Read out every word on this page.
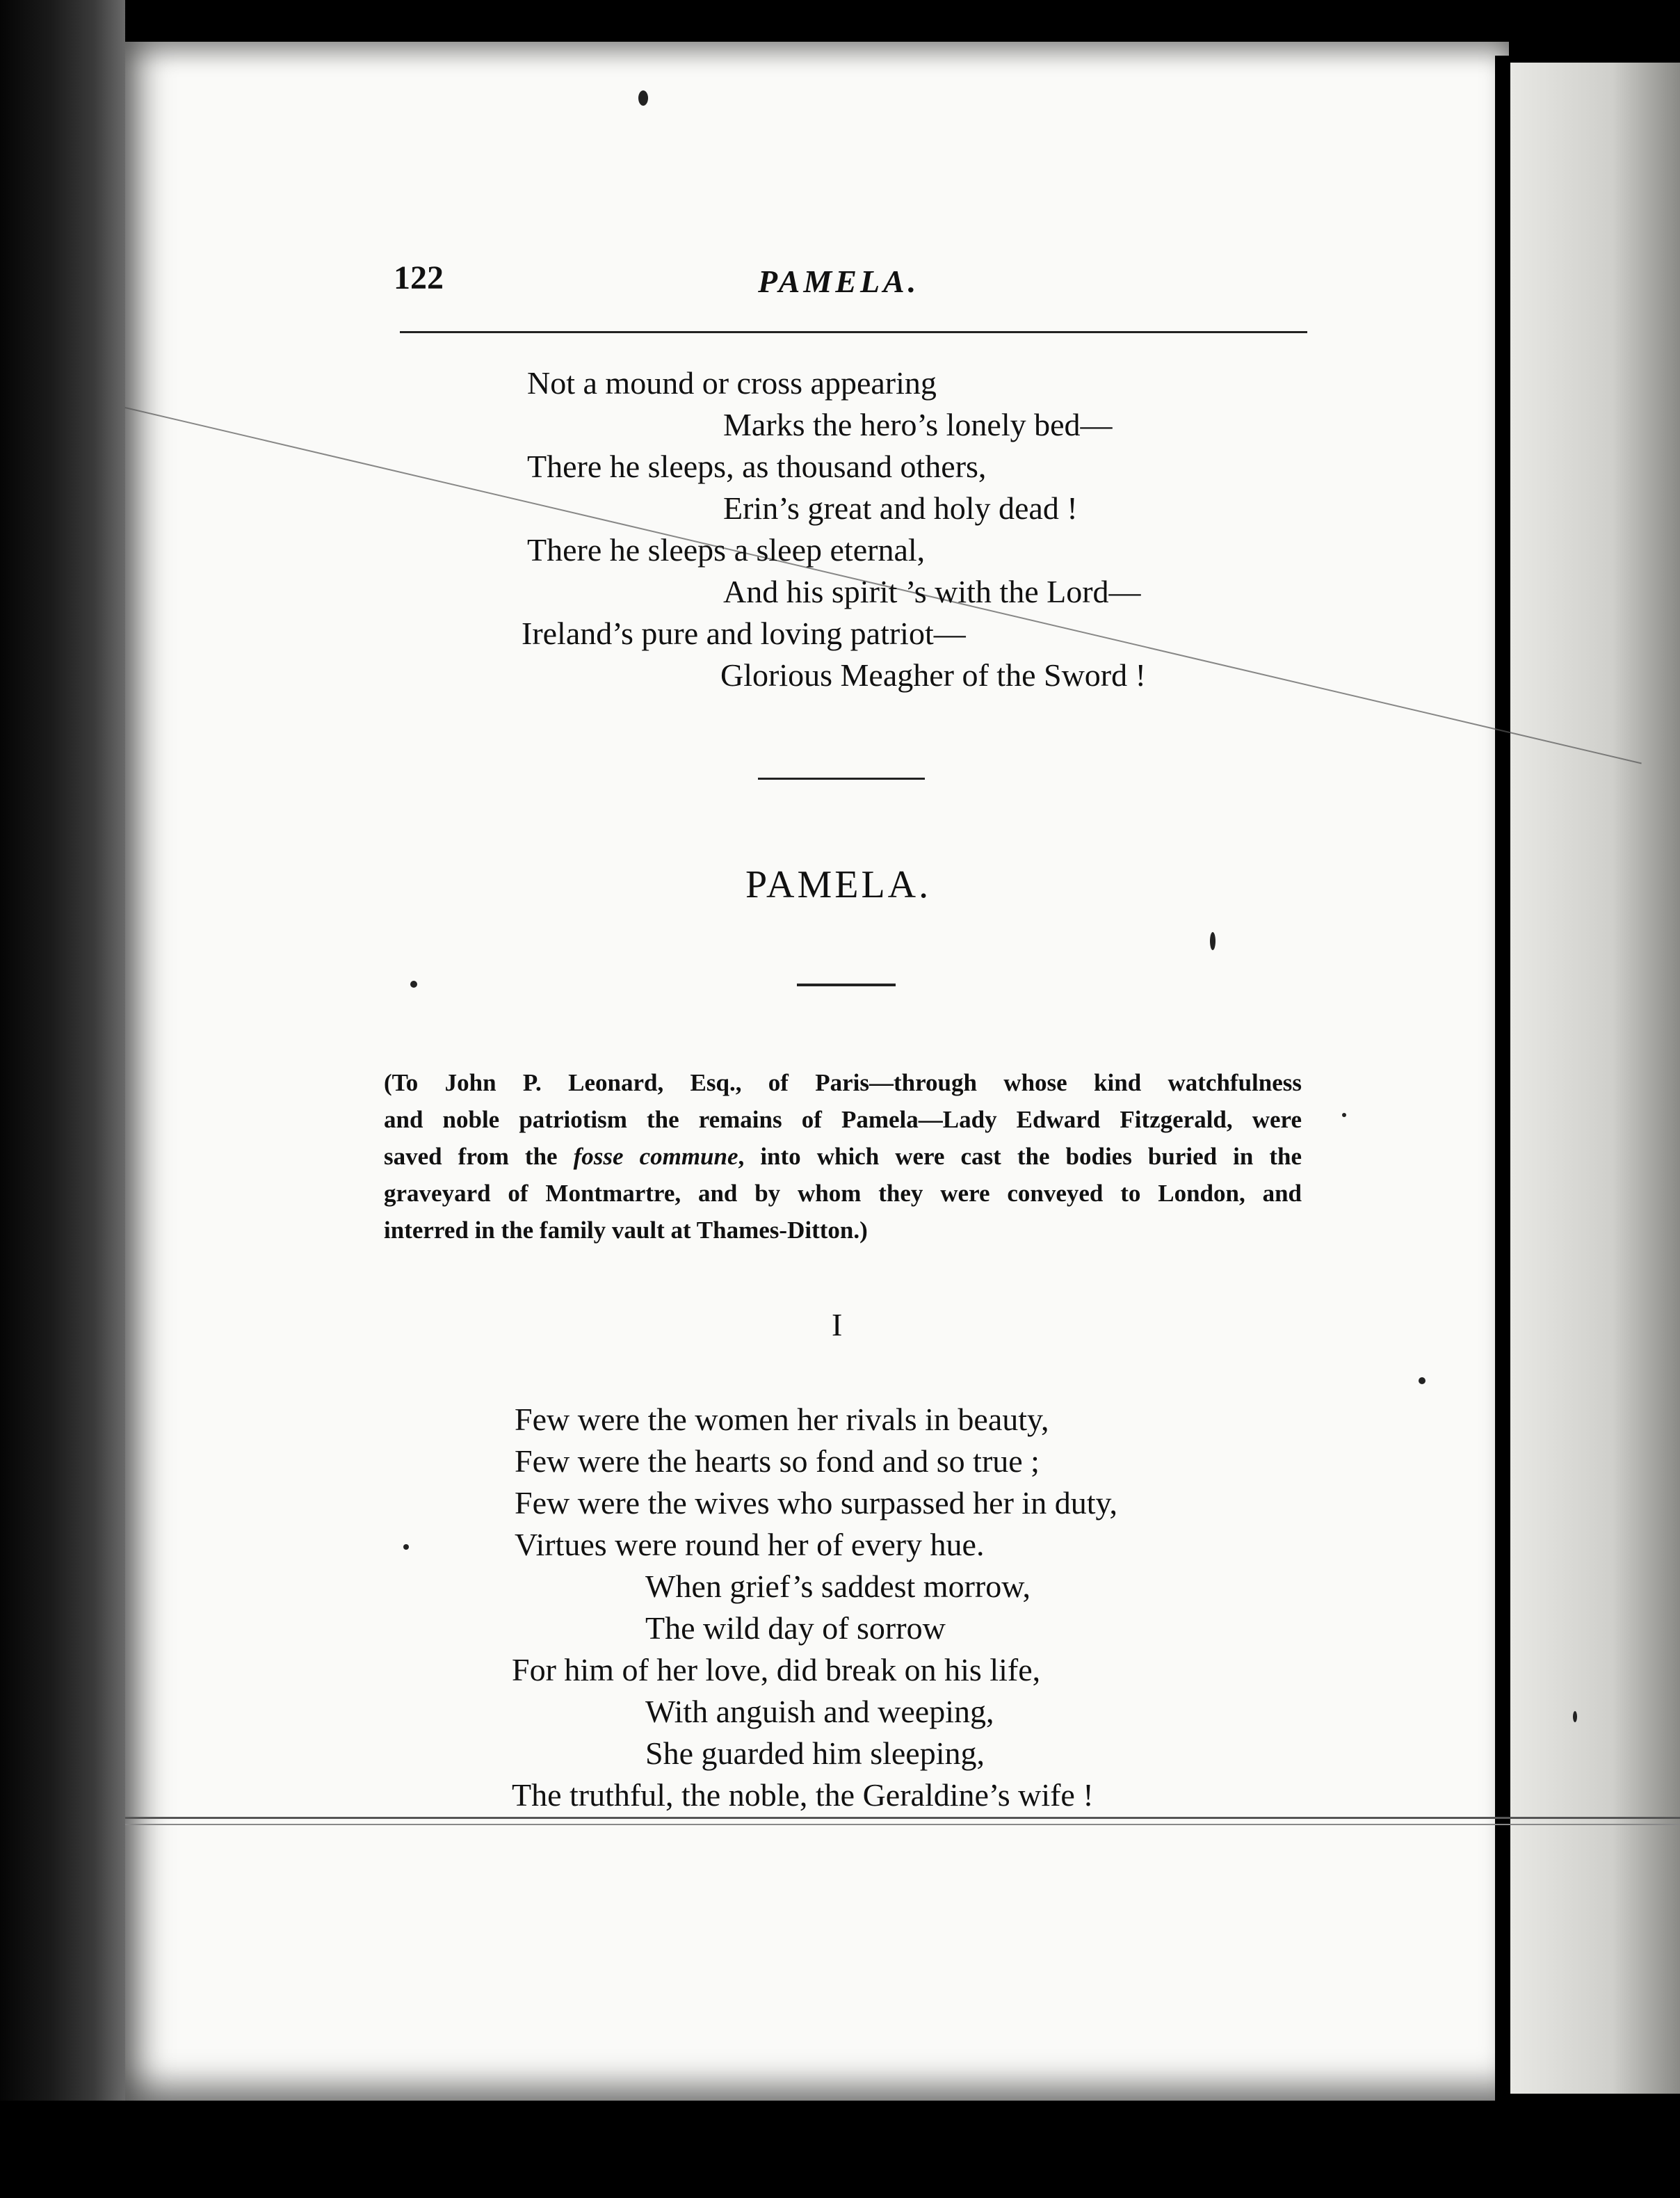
122	PAMELA.
Not a mound or cross appearing
Marks the hero’s lonely bed—
There he sleeps, as thousand others,
Erin’s great and holy dead !
There he sleeps a sleep eternal,
And his spirit ’s with the Lord—
Ireland’s pure and loving patriot—
Glorious Meagher of the Sword !
PAMELA.
(To John P. Leonard, Esq., of Paris—through whose kind watchfulness
and noble patriotism the remains of Pamela—Lady Edward Fitzgerald, were
saved from the fosse commune, into which were cast the bodies buried in the
graveyard of Montmartre, and by whom they were conveyed to London, and
interred in the family vault at Thames-Ditton.)
I
Few were the women her rivals in beauty,
Few were the hearts so fond and so true ;
Few were the wives who surpassed her in duty,
Virtues were round her of every hue.
When grief’s saddest morrow,
The wild day of sorrow
For him of her love, did break on his life,
With anguish and weeping,
She guarded him sleeping,
The truthful, the noble, the Geraldine’s wife !
